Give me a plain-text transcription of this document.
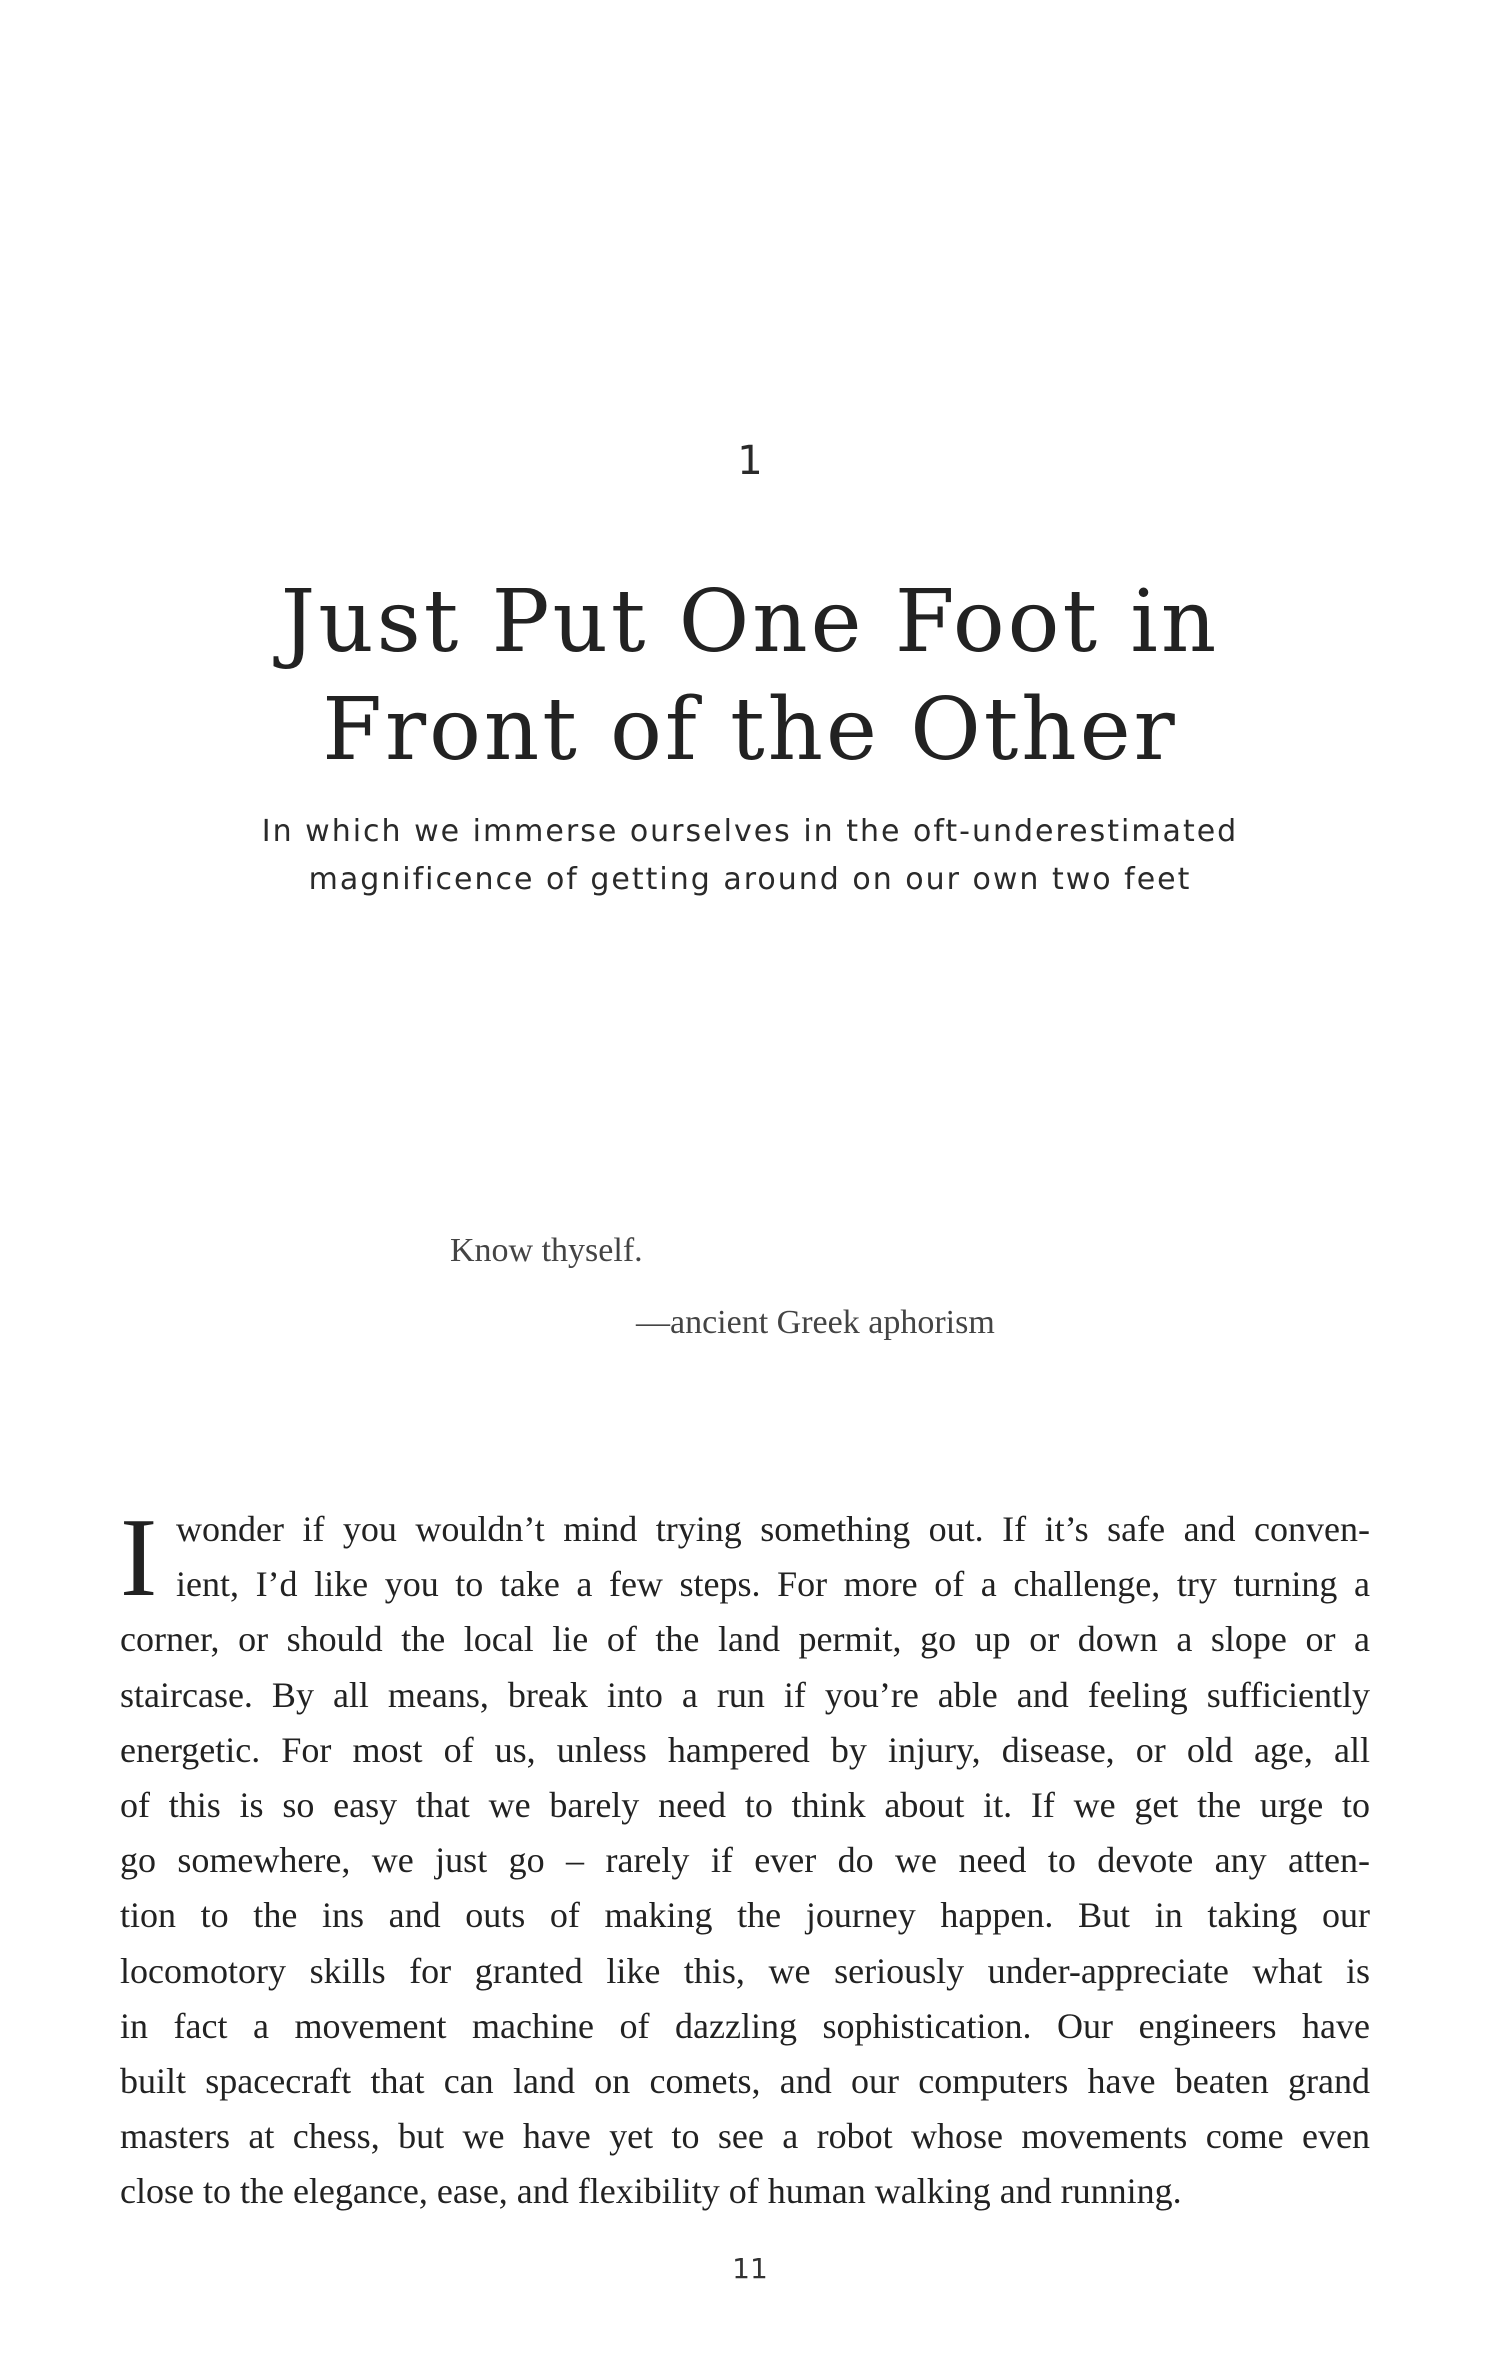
1
Just Put One Foot in
Front of the Other
In which we immerse ourselves in the oft-underestimated
magnificence of getting around on our own two feet
Know thyself.
—ancient Greek aphorism
I wonder if you wouldn’t mind trying something out. If it’s safe and conven-
ient, I’d like you to take a few steps. For more of a challenge, try turning a
corner, or should the local lie of the land permit, go up or down a slope or a
staircase. By all means, break into a run if you’re able and feeling sufficiently
energetic. For most of us, unless hampered by injury, disease, or old age, all
of this is so easy that we barely need to think about it. If we get the urge to
go somewhere, we just go – rarely if ever do we need to devote any atten-
tion to the ins and outs of making the journey happen. But in taking our
locomotory skills for granted like this, we seriously under-appreciate what is
in fact a movement machine of dazzling sophistication. Our engineers have
built spacecraft that can land on comets, and our computers have beaten grand
masters at chess, but we have yet to see a robot whose movements come even
close to the elegance, ease, and flexibility of human walking and running.
11
